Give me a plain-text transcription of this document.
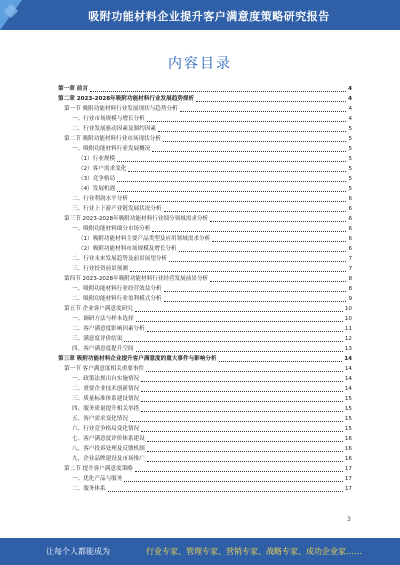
吸附功能材料企业提升客户满意度策略研究报告
内容目录
第一章 前言	4
第二章 2023-2028年吸附功能材料行业发展趋势探析	4
第一节 吸附功能材料行业发展现状与趋势分析	4
一、行业市场规模与增长分析	4
二、行业发展驱动因素及制约因素	5
第二节 吸附功能材料行业市场现状分析	5
一、吸附功能材料行业发展概况	5
（1）行业规模	5
（2）客户需求变化	5
（3）竞争格局	5
（4）发展机遇	5
二、行业利润水平分析	6
三、行业上下游产业链发展状况分析	6
第三节 2023-2028年吸附功能材料行业细分领域需求分析	6
一、吸附功能材料细分市场分析	6
（1）吸附功能材料主要产品类型及应用领域需求分析	6
（2）吸附功能材料市场规模及增长分析	6
二、行业未来发展趋势及前景展望分析	7
三、行业投资前景预测	7
第四节 2023-2028年吸附功能材料行业经营发展前景分析	8
一、吸附功能材料行业经营效益分析	8
二、吸附功能材料行业盈利模式分析	9
第五节 企业客户满意度研究	10
一、调研方法与样本选择	10
二、客户满意度影响因素分析	11
三、满意度评价结果	12
四、客户满意度提升空间	13
第三章 吸附功能材料企业提升客户满意度的重大事件与影响分析	14
第一节 客户满意度相关重要事件	14
一、政策法规出台实施情况	14
二、重要企业技术创新情况	14
三、质量标准体系建设情况	15
四、服务质量提升相关举措	15
五、客户需求变化情况	15
六、行业竞争格局变化情况	15
七、客户满意度评价体系建设	16
八、客户投诉处理及反馈机制	16
九、企业品牌建设及市场推广	16
第二节 提升客户满意度策略	17
一、优化产品与服务	17
二、服务体系	17
3
让每个人都能成为	行业专家、管理专家、营销专家、战略专家、成功企业家……
